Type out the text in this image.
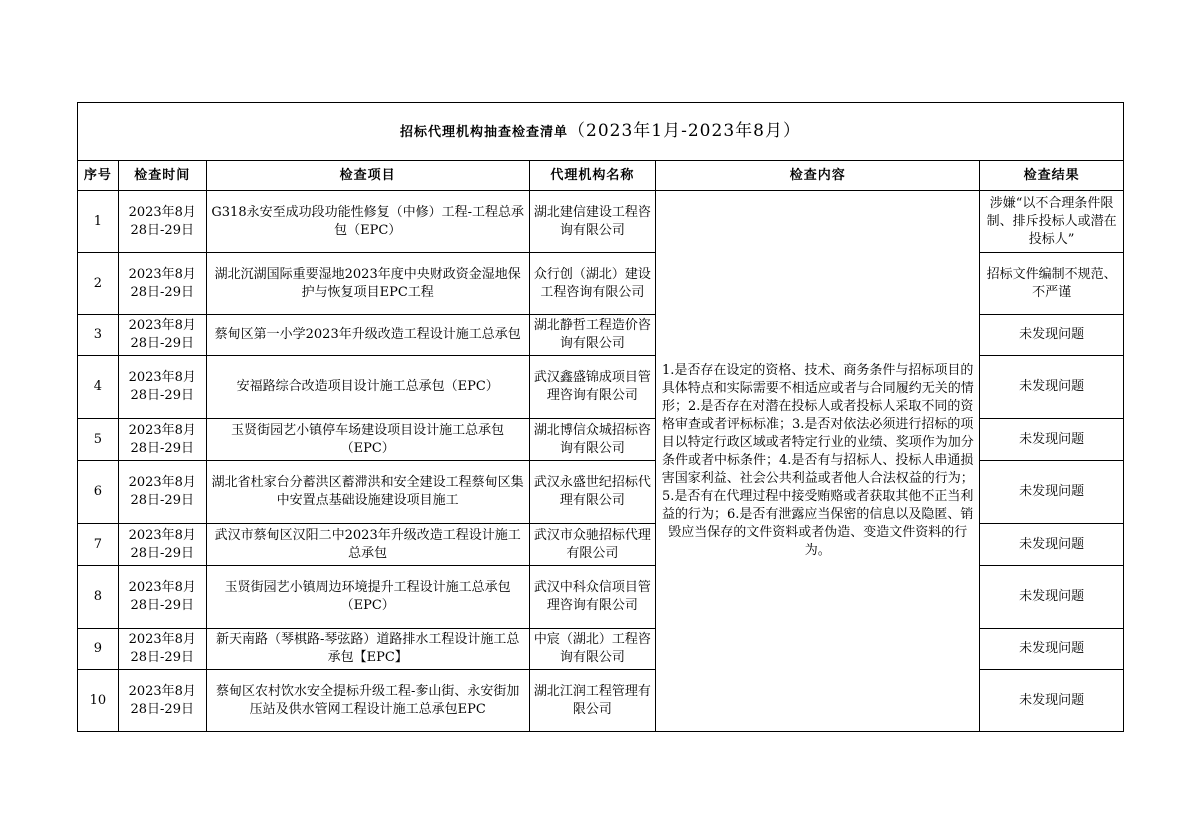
招标代理机构抽查检查清单（2023年1月-2023年8月）					
序号	检查时间	检查项目	代理机构名称	检查内容	检查结果
1	2023年8月28日-29日	G318永安至成功段功能性修复（中修）工程-工程总承包（EPC）	湖北建信建设工程咨询有限公司	1.是否存在设定的资格、技术、商务条件与招标项目的具体特点和实际需要不相适应或者与合同履约无关的情形；2.是否存在对潜在投标人或者投标人采取不同的资格审查或者评标标准；3.是否对依法必须进行招标的项目以特定行政区域或者特定行业的业绩、奖项作为加分条件或者中标条件；4.是否有与招标人、投标人串通损害国家利益、社会公共利益或者他人合法权益的行为；5.是否有在代理过程中接受贿赂或者获取其他不正当利益的行为；6.是否有泄露应当保密的信息以及隐匿、销毁应当保存的文件资料或者伪造、变造文件资料的行为。	涉嫌“以不合理条件限制、排斥投标人或潜在投标人”
2	2023年8月28日-29日	湖北沉湖国际重要湿地2023年度中央财政资金湿地保护与恢复项目EPC工程	众行创（湖北）建设工程咨询有限公司		招标文件编制不规范、不严谨
3	2023年8月28日-29日	蔡甸区第一小学2023年升级改造工程设计施工总承包	湖北静哲工程造价咨询有限公司		未发现问题
4	2023年8月28日-29日	安福路综合改造项目设计施工总承包（EPC）	武汉鑫盛锦成项目管理咨询有限公司		未发现问题
5	2023年8月28日-29日	玉贤街园艺小镇停车场建设项目设计施工总承包（EPC）	湖北博信众城招标咨询有限公司		未发现问题
6	2023年8月28日-29日	湖北省杜家台分蓄洪区蓄滞洪和安全建设工程蔡甸区集中安置点基础设施建设项目施工	武汉永盛世纪招标代理有限公司		未发现问题
7	2023年8月28日-29日	武汉市蔡甸区汉阳二中2023年升级改造工程设计施工总承包	武汉市众驰招标代理有限公司		未发现问题
8	2023年8月28日-29日	玉贤街园艺小镇周边环境提升工程设计施工总承包（EPC）	武汉中科众信项目管理咨询有限公司		未发现问题
9	2023年8月28日-29日	新天南路（琴棋路-琴弦路）道路排水工程设计施工总承包【EPC】	中宸（湖北）工程咨询有限公司		未发现问题
10	2023年8月28日-29日	蔡甸区农村饮水安全提标升级工程-奓山街、永安街加压站及供水管网工程设计施工总承包EPC	湖北江润工程管理有限公司		未发现问题
